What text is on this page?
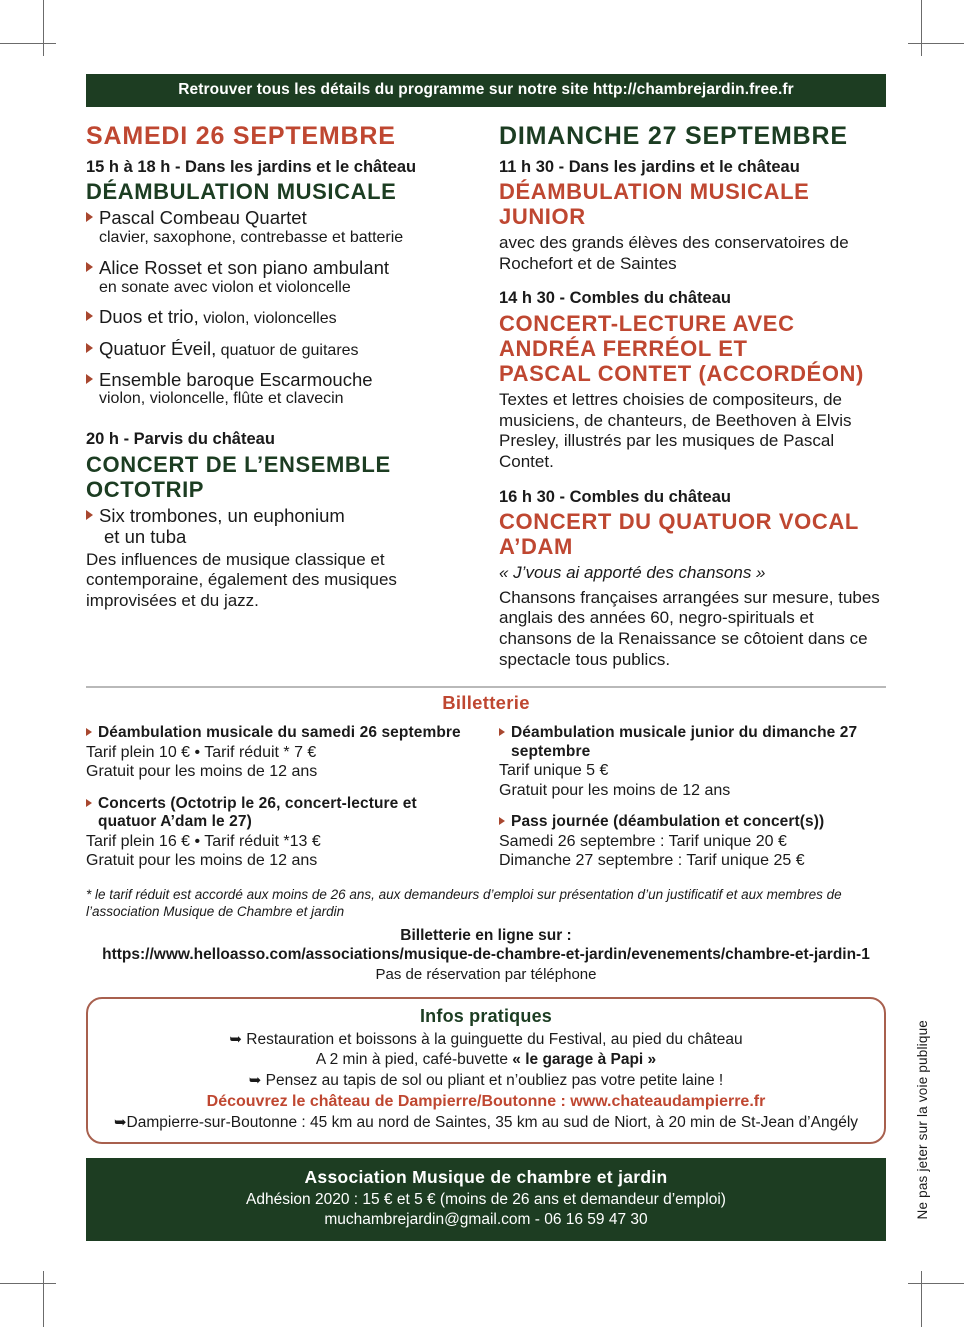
Retrouver tous les détails du programme sur notre site http://chambrejardin.free.fr
SAMEDI 26 SEPTEMBRE
15 h à 18 h - Dans les jardins et le château
DÉAMBULATION MUSICALE
Pascal Combeau Quartet
clavier, saxophone, contrebasse et batterie
Alice Rosset et son piano ambulant
en sonate avec violon et violoncelle
Duos et trio, violon, violoncelles
Quatuor Éveil, quatuor de guitares
Ensemble baroque Escarmouche
violon, violoncelle, flûte et clavecin
20 h - Parvis du château
CONCERT DE L’ENSEMBLE
OCTOTRIP
Six trombones, un euphonium
et un tuba
Des influences de musique classique et contemporaine, également des musiques improvisées et du jazz.
DIMANCHE 27 SEPTEMBRE
11 h 30 - Dans les jardins et le château
DÉAMBULATION MUSICALE
JUNIOR
avec des grands élèves des conservatoires de Rochefort et de Saintes
14 h 30 - Combles du château
CONCERT-LECTURE AVEC
ANDRÉA FERRÉOL ET
PASCAL CONTET (ACCORDÉON)
Textes et lettres choisies de compositeurs, de musiciens, de chanteurs, de Beethoven à Elvis Presley, illustrés par les musiques de Pascal Contet.
16 h 30 - Combles du château
CONCERT DU QUATUOR VOCAL
A’DAM
« J’vous ai apporté des chansons »
Chansons françaises arrangées sur mesure, tubes anglais des années 60, negro-spirituals et chansons de la Renaissance se côtoient dans ce spectacle tous publics.
Billetterie
Déambulation musicale du samedi 26 septembre
Tarif plein 10 € • Tarif réduit * 7 €
Gratuit pour les moins de 12 ans
Concerts (Octotrip le 26, concert-lecture et quatuor A’dam le 27)
Tarif plein 16 € • Tarif réduit *13 €
Gratuit pour les moins de 12 ans
Déambulation musicale junior du dimanche 27 septembre
Tarif unique 5 €
Gratuit pour les moins de 12 ans
Pass journée (déambulation et concert(s))
Samedi 26 septembre : Tarif unique 20 €
Dimanche 27 septembre : Tarif unique 25 €
* le tarif réduit est accordé aux moins de 26 ans, aux demandeurs d’emploi sur présentation d’un justificatif et aux membres de l’association Musique de Chambre et jardin
Billetterie en ligne sur :
https://www.helloasso.com/associations/musique-de-chambre-et-jardin/evenements/chambre-et-jardin-1
Pas de réservation par téléphone
Infos pratiques
➥ Restauration et boissons à la guinguette du Festival, au pied du château
A 2 min à pied, café-buvette « le garage à Papi »
➥ Pensez au tapis de sol ou pliant et n’oubliez pas votre petite laine !
Découvrez le château de Dampierre/Boutonne : www.chateaudampierre.fr
➥Dampierre-sur-Boutonne : 45 km au nord de Saintes, 35 km au sud de Niort, à 20 min de St-Jean d’Angély
Association Musique de chambre et jardin
Adhésion 2020 : 15 € et 5 € (moins de 26 ans et demandeur d’emploi)
muchambrejardin@gmail.com - 06 16 59 47 30
Ne pas jeter sur la voie publique
